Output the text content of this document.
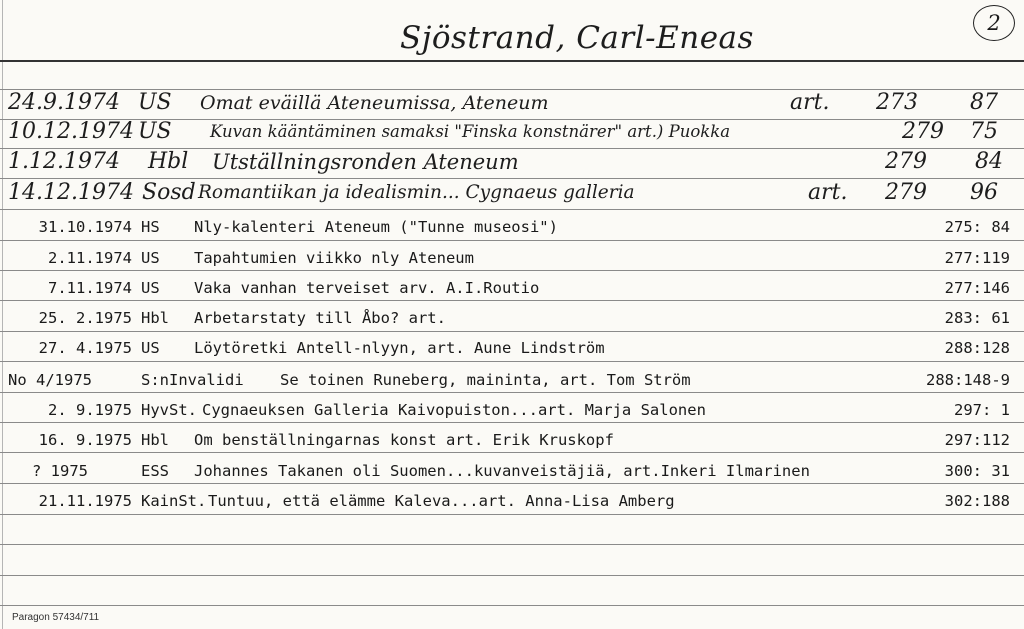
Sjöstrand, Carl-Eneas	2
24.9.1974 US Omat eväillä Ateneumissa, Ateneum	art. 273 87
10.12.1974 US Kuvan kääntäminen samaksi "Finska konstnärer" art.) Puokka	279 75
1.12.1974 Hbl Utställningsronden Ateneum	279 84
14.12.1974 Sosd Romantiikan ja idealismin... Cygnaeus galleria	art. 279 96
31.10.1974 HS Nly-kalenteri Ateneum ("Tunne museosi")	275: 84
2.11.1974 US Tapahtumien viikko nly Ateneum	277:119
7.11.1974 US Vaka vanhan terveiset arv. A.I.Routio	277:146
25. 2.1975 Hbl Arbetarstaty till Åbo? art.	283: 61
27. 4.1975 US Löytöretki Antell-nlyyn, art. Aune Lindström	288:128
No 4/1975	S:nInvalidi Se toinen Runeberg, maininta, art. Tom Ström	288:148-9
2. 9.1975 HyvSt. Cygnaeuksen Galleria Kaivopuiston...art. Marja Salonen	297: 1
16. 9.1975 Hbl Om benställningarnas konst art. Erik Kruskopf	297:112
? 1975	ESS Johannes Takanen oli Suomen...kuvanveistäjiä, art.Inkeri Ilmarinen	300: 31
21.11.1975 KainSt. Tuntuu, että elämme Kaleva...art. Anna-Lisa Amberg	302:188
Paragon 57434/711
